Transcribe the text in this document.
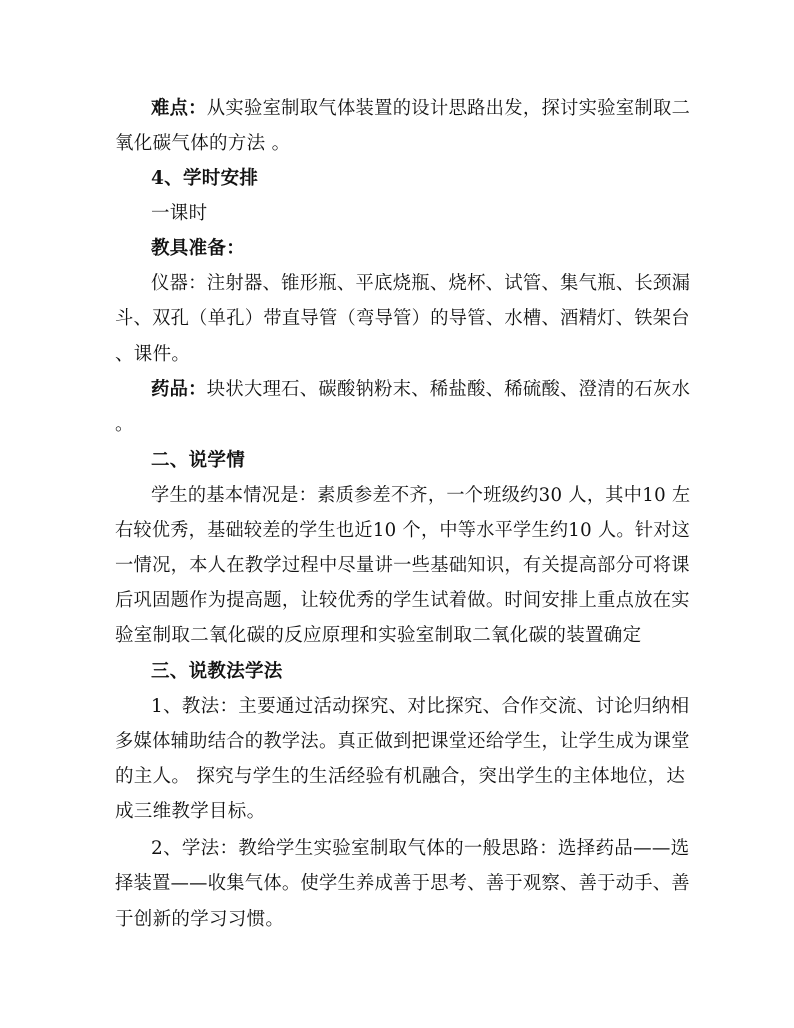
难点：从实验室制取气体装置的设计思路出发，探讨实验室制取二
氧化碳气体的方法 。
4、学时安排
一课时
教具准备：
仪器：注射器、锥形瓶、平底烧瓶、烧杯、试管、集气瓶、长颈漏
斗、双孔（单孔）带直导管（弯导管）的导管、水槽、酒精灯、铁架台
、课件。
药品：块状大理石、碳酸钠粉末、稀盐酸、稀硫酸、澄清的石灰水
。
二、说学情
学生的基本情况是：素质参差不齐，一个班级约30 人，其中10 左
右较优秀，基础较差的学生也近10 个，中等水平学生约10 人。针对这
一情况，本人在教学过程中尽量讲一些基础知识，有关提高部分可将课
后巩固题作为提高题，让较优秀的学生试着做。时间安排上重点放在实
验室制取二氧化碳的反应原理和实验室制取二氧化碳的装置确定
三、说教法学法
1、教法：主要通过活动探究、对比探究、合作交流、讨论归纳相
多媒体辅助结合的教学法。真正做到把课堂还给学生，让学生成为课堂
的主人。 探究与学生的生活经验有机融合，突出学生的主体地位，达
成三维教学目标。
2、学法：教给学生实验室制取气体的一般思路：选择药品——选
择装置——收集气体。使学生养成善于思考、善于观察、善于动手、善
于创新的学习习惯。
